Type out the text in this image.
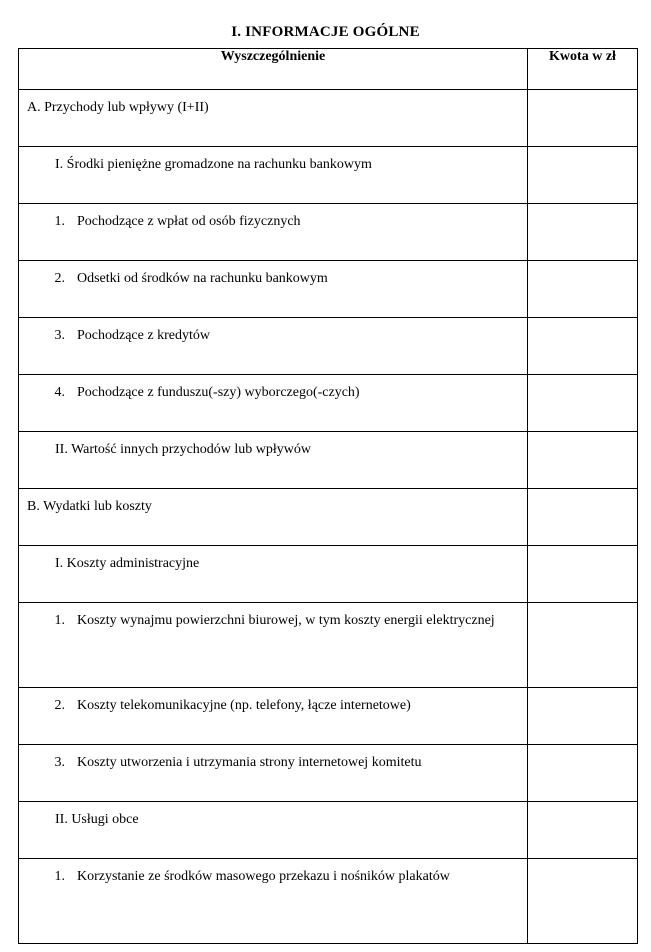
I. INFORMACJE OGÓLNE
Wyszczególnienie	Kwota w zł

A. Przychody lub wpływy (I+II)	

I. Środki pieniężne gromadzone na rachunku bankowym	

1. Pochodzące z wpłat od osób fizycznych	

2. Odsetki od środków na rachunku bankowym	

3. Pochodzące z kredytów	

4. Pochodzące z funduszu(-szy) wyborczego(-czych)	

II. Wartość innych przychodów lub wpływów	

B. Wydatki lub koszty	

I. Koszty administracyjne	

1. Koszty wynajmu powierzchni biurowej, w tym koszty energii elektrycznej	

2. Koszty telekomunikacyjne (np. telefony, łącze internetowe)	

3. Koszty utworzenia i utrzymania strony internetowej komitetu	

II. Usługi obce	

1. Korzystanie ze środków masowego przekazu i nośników plakatów	
